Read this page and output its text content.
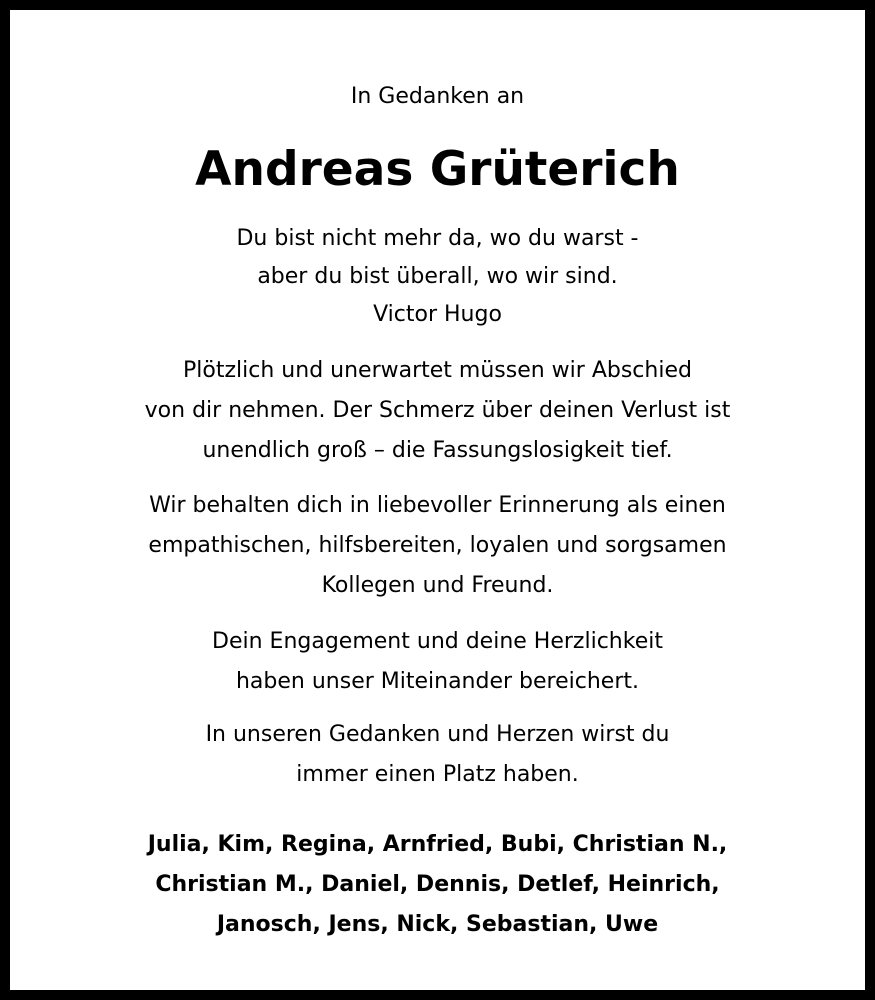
In Gedanken an
Andreas Grüterich
Du bist nicht mehr da, wo du warst -
aber du bist überall, wo wir sind.
Victor Hugo
Plötzlich und unerwartet müssen wir Abschied
von dir nehmen. Der Schmerz über deinen Verlust ist
unendlich groß – die Fassungslosigkeit tief.
Wir behalten dich in liebevoller Erinnerung als einen
empathischen, hilfsbereiten, loyalen und sorgsamen
Kollegen und Freund.
Dein Engagement und deine Herzlichkeit
haben unser Miteinander bereichert.
In unseren Gedanken und Herzen wirst du
immer einen Platz haben.
Julia, Kim, Regina, Arnfried, Bubi, Christian N.,
Christian M., Daniel, Dennis, Detlef, Heinrich,
Janosch, Jens, Nick, Sebastian, Uwe
